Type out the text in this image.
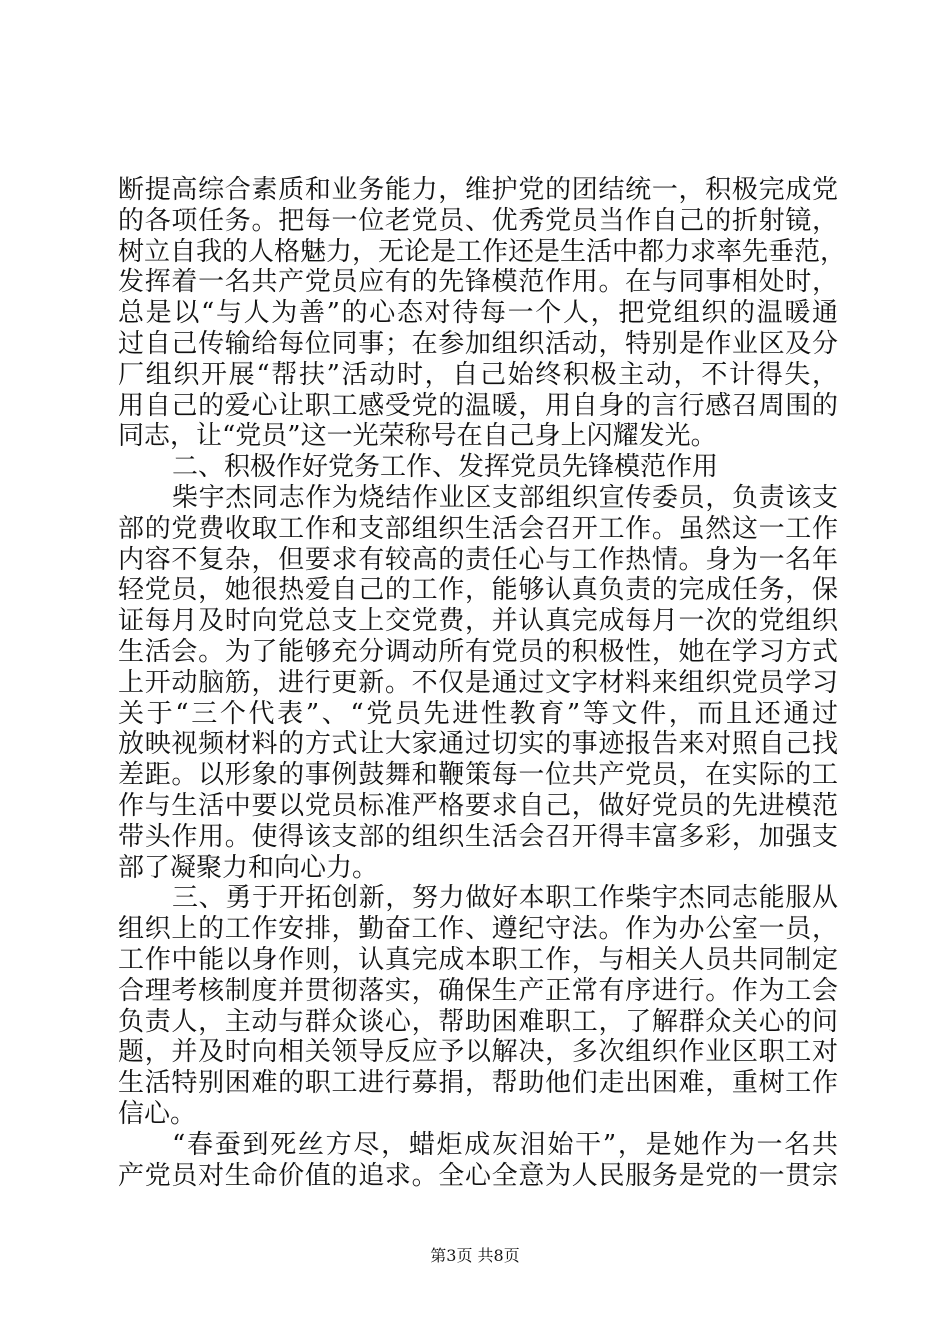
断提高综合素质和业务能力，维护党的团结统一，积极完成党
的各项任务。把每一位老党员、优秀党员当作自己的折射镜，
树立自我的人格魅力，无论是工作还是生活中都力求率先垂范，
发挥着一名共产党员应有的先锋模范作用。在与同事相处时，
总是以“与人为善”的心态对待每一个人，把党组织的温暖通
过自己传输给每位同事；在参加组织活动，特别是作业区及分
厂组织开展“帮扶”活动时，自己始终积极主动，不计得失，
用自己的爱心让职工感受党的温暖，用自身的言行感召周围的
同志，让“党员”这一光荣称号在自己身上闪耀发光。
二、积极作好党务工作、发挥党员先锋模范作用
柴宇杰同志作为烧结作业区支部组织宣传委员，负责该支
部的党费收取工作和支部组织生活会召开工作。虽然这一工作
内容不复杂，但要求有较高的责任心与工作热情。身为一名年
轻党员，她很热爱自己的工作，能够认真负责的完成任务，保
证每月及时向党总支上交党费，并认真完成每月一次的党组织
生活会。为了能够充分调动所有党员的积极性，她在学习方式
上开动脑筋，进行更新。不仅是通过文字材料来组织党员学习
关于“三个代表”、“党员先进性教育”等文件，而且还通过
放映视频材料的方式让大家通过切实的事迹报告来对照自己找
差距。以形象的事例鼓舞和鞭策每一位共产党员，在实际的工
作与生活中要以党员标准严格要求自己，做好党员的先进模范
带头作用。使得该支部的组织生活会召开得丰富多彩，加强支
部了凝聚力和向心力。
三、勇于开拓创新，努力做好本职工作柴宇杰同志能服从
组织上的工作安排，勤奋工作、遵纪守法。作为办公室一员，
工作中能以身作则，认真完成本职工作，与相关人员共同制定
合理考核制度并贯彻落实，确保生产正常有序进行。作为工会
负责人，主动与群众谈心，帮助困难职工，了解群众关心的问
题，并及时向相关领导反应予以解决，多次组织作业区职工对
生活特别困难的职工进行募捐，帮助他们走出困难，重树工作
信心。
“春蚕到死丝方尽，蜡炬成灰泪始干”，是她作为一名共
产党员对生命价值的追求。全心全意为人民服务是党的一贯宗
第3页 共8页
